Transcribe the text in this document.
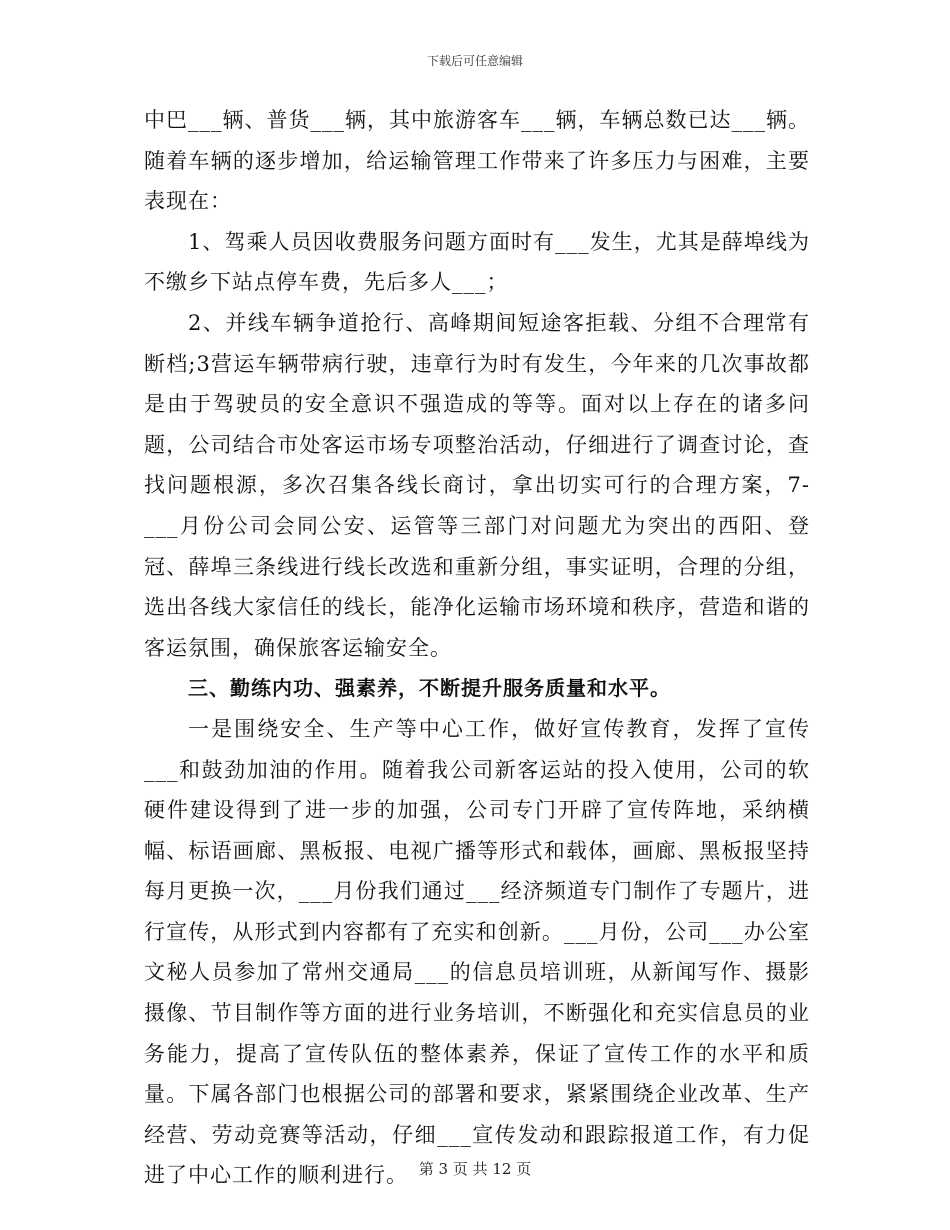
下载后可任意编辑

中巴___辆、普货___辆，其中旅游客车___辆，车辆总数已达___辆。随着车辆的逐步增加，给运输管理工作带来了许多压力与困难，主要表现在：

1、驾乘人员因收费服务问题方面时有___发生，尤其是薛埠线为不缴乡下站点停车费，先后多人___；

2、并线车辆争道抢行、高峰期间短途客拒载、分组不合理常有断档;3营运车辆带病行驶，违章行为时有发生，今年来的几次事故都是由于驾驶员的安全意识不强造成的等等。面对以上存在的诸多问题，公司结合市处客运市场专项整治活动，仔细进行了调查讨论，查找问题根源，多次召集各线长商讨，拿出切实可行的合理方案，7-___月份公司会同公安、运管等三部门对问题尤为突出的西阳、登冠、薛埠三条线进行线长改选和重新分组，事实证明，合理的分组，选出各线大家信任的线长，能净化运输市场环境和秩序，营造和谐的客运氛围，确保旅客运输安全。

三、勤练内功、强素养，不断提升服务质量和水平。

一是围绕安全、生产等中心工作，做好宣传教育，发挥了宣传___和鼓劲加油的作用。随着我公司新客运站的投入使用，公司的软硬件建设得到了进一步的加强，公司专门开辟了宣传阵地，采纳横幅、标语画廊、黑板报、电视广播等形式和载体，画廊、黑板报坚持每月更换一次，___月份我们通过___经济频道专门制作了专题片，进行宣传，从形式到内容都有了充实和创新。___月份，公司___办公室文秘人员参加了常州交通局___的信息员培训班，从新闻写作、摄影摄像、节目制作等方面的进行业务培训，不断强化和充实信息员的业务能力，提高了宣传队伍的整体素养，保证了宣传工作的水平和质量。下属各部门也根据公司的部署和要求，紧紧围绕企业改革、生产经营、劳动竞赛等活动，仔细___宣传发动和跟踪报道工作，有力促进了中心工作的顺利进行。 第 3 页 共 12 页
